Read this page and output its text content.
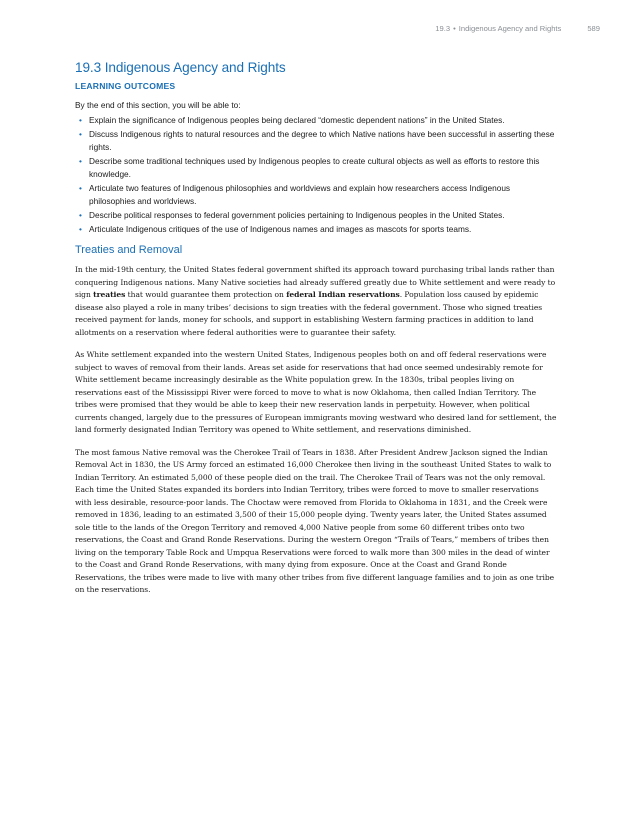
19.3 • Indigenous Agency and Rights	589
19.3 Indigenous Agency and Rights
LEARNING OUTCOMES

By the end of this section, you will be able to:

• Explain the significance of Indigenous peoples being declared “domestic dependent nations” in the United States.
• Discuss Indigenous rights to natural resources and the degree to which Native nations have been successful in asserting these rights.
• Describe some traditional techniques used by Indigenous peoples to create cultural objects as well as efforts to restore this knowledge.
• Articulate two features of Indigenous philosophies and worldviews and explain how researchers access Indigenous philosophies and worldviews.
• Describe political responses to federal government policies pertaining to Indigenous peoples in the United States.
• Articulate Indigenous critiques of the use of Indigenous names and images as mascots for sports teams.
Treaties and Removal

In the mid-19th century, the United States federal government shifted its approach toward purchasing tribal lands rather than conquering Indigenous nations. Many Native societies had already suffered greatly due to White settlement and were ready to sign treaties that would guarantee them protection on federal Indian reservations. Population loss caused by epidemic disease also played a role in many tribes’ decisions to sign treaties with the federal government. Those who signed treaties received payment for lands, money for schools, and support in establishing Western farming practices in addition to land allotments on a reservation where federal authorities were to guarantee their safety.

As White settlement expanded into the western United States, Indigenous peoples both on and off federal reservations were subject to waves of removal from their lands. Areas set aside for reservations that had once seemed undesirably remote for White settlement became increasingly desirable as the White population grew. In the 1830s, tribal peoples living on reservations east of the Mississippi River were forced to move to what is now Oklahoma, then called Indian Territory. The tribes were promised that they would be able to keep their new reservation lands in perpetuity. However, when political currents changed, largely due to the pressures of European immigrants moving westward who desired land for settlement, the land formerly designated Indian Territory was opened to White settlement, and reservations diminished.

The most famous Native removal was the Cherokee Trail of Tears in 1838. After President Andrew Jackson signed the Indian Removal Act in 1830, the US Army forced an estimated 16,000 Cherokee then living in the southeast United States to walk to Indian Territory. An estimated 5,000 of these people died on the trail. The Cherokee Trail of Tears was not the only removal. Each time the United States expanded its borders into Indian Territory, tribes were forced to move to smaller reservations with less desirable, resource-poor lands. The Choctaw were removed from Florida to Oklahoma in 1831, and the Creek were removed in 1836, leading to an estimated 3,500 of their 15,000 people dying. Twenty years later, the United States assumed sole title to the lands of the Oregon Territory and removed 4,000 Native people from some 60 different tribes onto two reservations, the Coast and Grand Ronde Reservations. During the western Oregon “Trails of Tears,” members of tribes then living on the temporary Table Rock and Umpqua Reservations were forced to walk more than 300 miles in the dead of winter to the Coast and Grand Ronde Reservations, with many dying from exposure. Once at the Coast and Grand Ronde Reservations, the tribes were made to live with many other tribes from five different language families and to join as one tribe on the reservations.
